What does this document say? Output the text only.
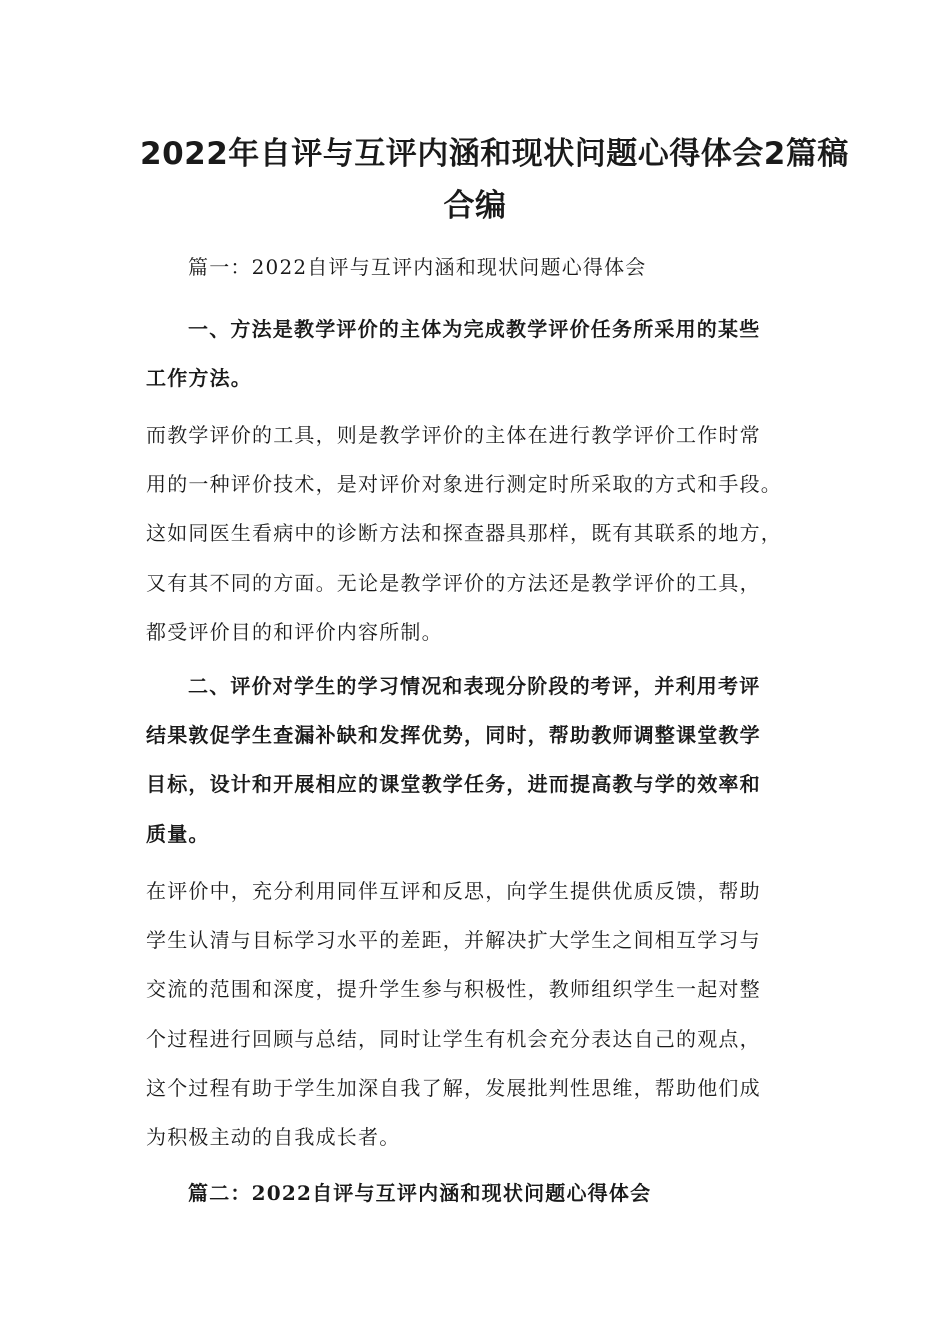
2022年自评与互评内涵和现状问题心得体会2篇稿
合编

篇一：2022自评与互评内涵和现状问题心得体会

一、方法是教学评价的主体为完成教学评价任务所采用的某些
工作方法。

而教学评价的工具，则是教学评价的主体在进行教学评价工作时常
用的一种评价技术，是对评价对象进行测定时所采取的方式和手段。
这如同医生看病中的诊断方法和探查器具那样，既有其联系的地方，
又有其不同的方面。无论是教学评价的方法还是教学评价的工具，
都受评价目的和评价内容所制。

二、评价对学生的学习情况和表现分阶段的考评，并利用考评
结果敦促学生查漏补缺和发挥优势，同时，帮助教师调整课堂教学
目标，设计和开展相应的课堂教学任务，进而提高教与学的效率和
质量。

在评价中，充分利用同伴互评和反思，向学生提供优质反馈，帮助
学生认清与目标学习水平的差距，并解决扩大学生之间相互学习与
交流的范围和深度，提升学生参与积极性，教师组织学生一起对整
个过程进行回顾与总结，同时让学生有机会充分表达自己的观点，
这个过程有助于学生加深自我了解，发展批判性思维，帮助他们成
为积极主动的自我成长者。

篇二：2022自评与互评内涵和现状问题心得体会
